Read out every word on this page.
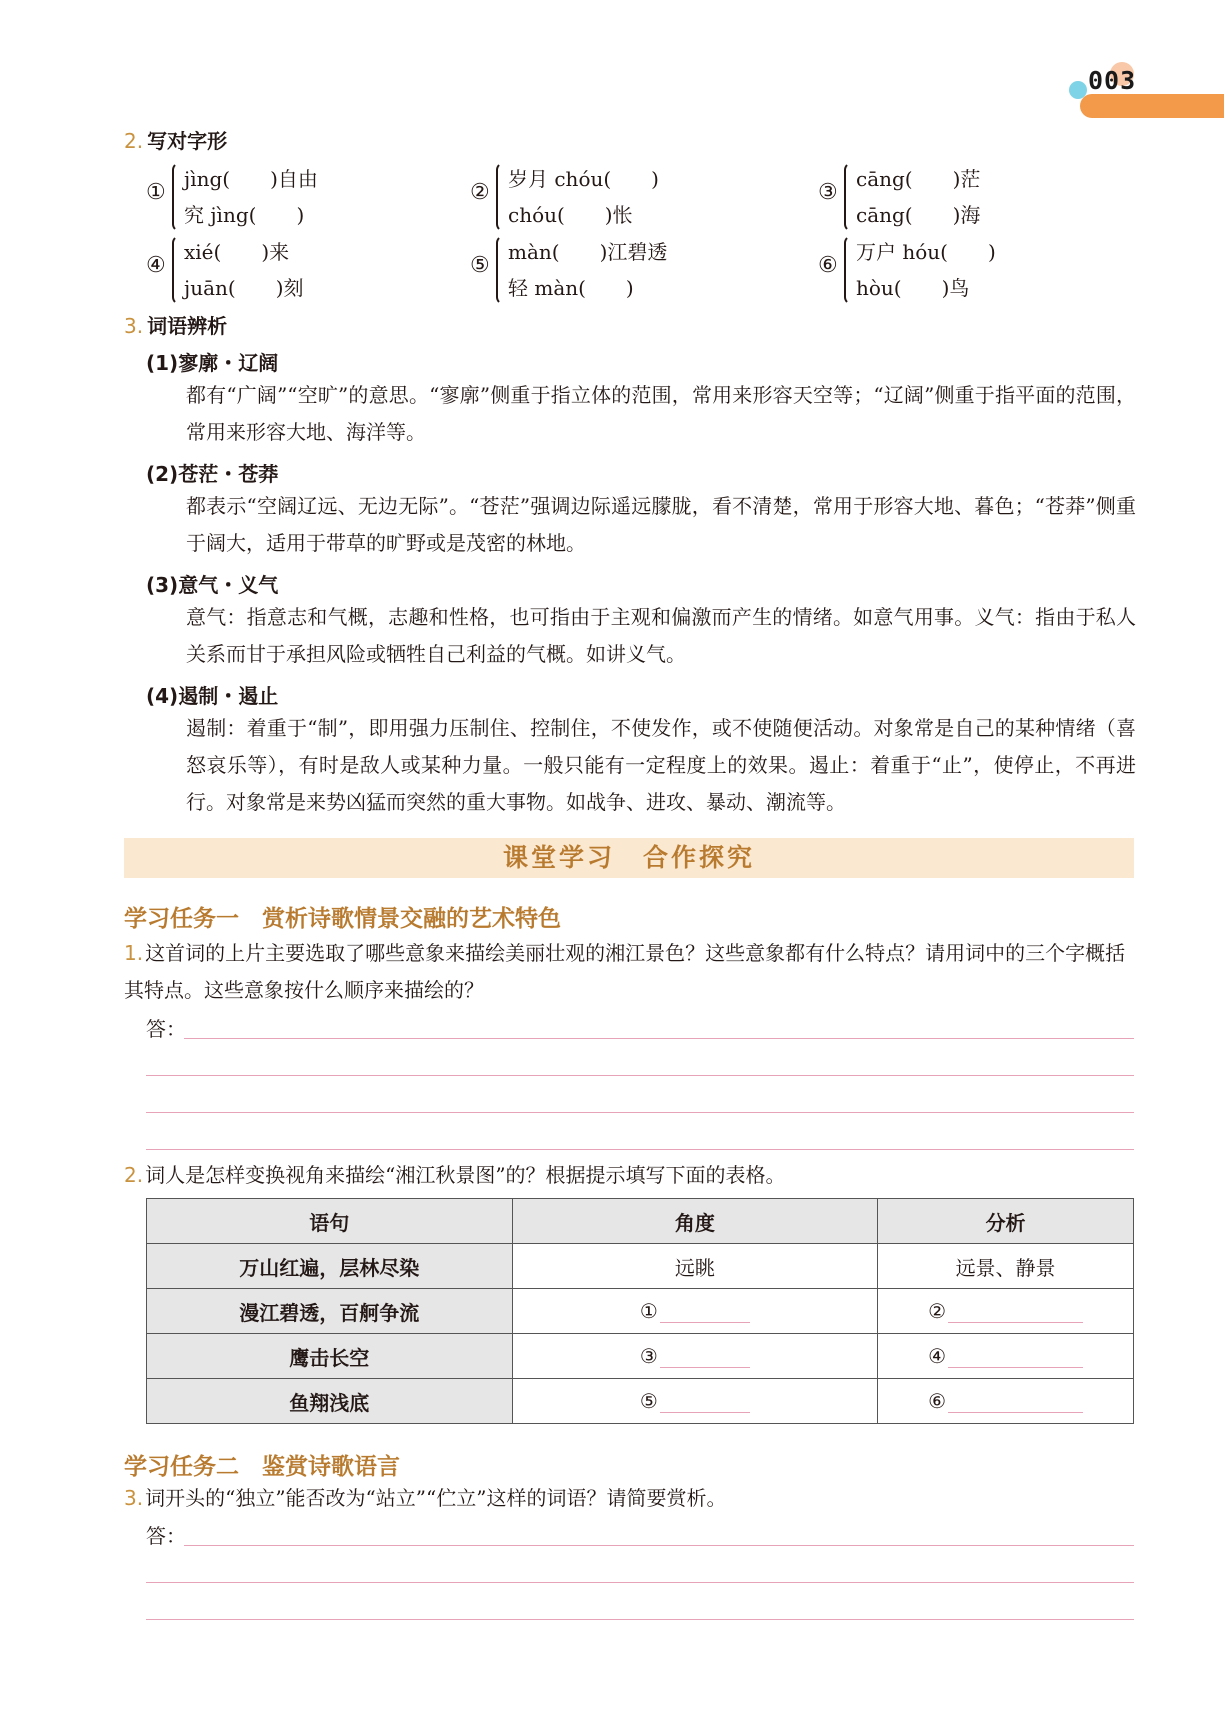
003
2. 写对字形
①
jìng(　　)自由
究 jìng(　　)
②
岁月 chóu(　　)
chóu(　　)怅
③
cāng(　　)茫
cāng(　　)海
④
xié(　　)来
juān(　　)刻
⑤
màn(　　)江碧透
轻 màn(　　)
⑥
万户 hóu(　　)
hòu(　　)鸟
3. 词语辨析
(1)寥廓・辽阔
都有“广阔”“空旷”的意思。“寥廓”侧重于指立体的范围，常用来形容天空等；“辽阔”侧重于指平面的范围，常用来形容大地、海洋等。
(2)苍茫・苍莽
都表示“空阔辽远、无边无际”。“苍茫”强调边际遥远朦胧，看不清楚，常用于形容大地、暮色；“苍莽”侧重于阔大，适用于带草的旷野或是茂密的林地。
(3)意气・义气
意气：指意志和气概，志趣和性格，也可指由于主观和偏激而产生的情绪。如意气用事。义气：指由于私人关系而甘于承担风险或牺牲自己利益的气概。如讲义气。
(4)遏制・遏止
遏制：着重于“制”，即用强力压制住、控制住，不使发作，或不使随便活动。对象常是自己的某种情绪（喜怒哀乐等），有时是敌人或某种力量。一般只能有一定程度上的效果。遏止：着重于“止”，使停止，不再进行。对象常是来势凶猛而突然的重大事物。如战争、进攻、暴动、潮流等。
课堂学习　合作探究
学习任务一　赏析诗歌情景交融的艺术特色
1. 这首词的上片主要选取了哪些意象来描绘美丽壮观的湘江景色？这些意象都有什么特点？请用词中的三个字概括其特点。这些意象按什么顺序来描绘的？
答：
2. 词人是怎样变换视角来描绘“湘江秋景图”的？根据提示填写下面的表格。
语句	角度	分析
万山红遍，层林尽染	远眺	远景、静景
漫江碧透，百舸争流	①	②
鹰击长空	③	④
鱼翔浅底	⑤	⑥
学习任务二　鉴赏诗歌语言
3. 词开头的“独立”能否改为“站立”“伫立”这样的词语？请简要赏析。
答：
